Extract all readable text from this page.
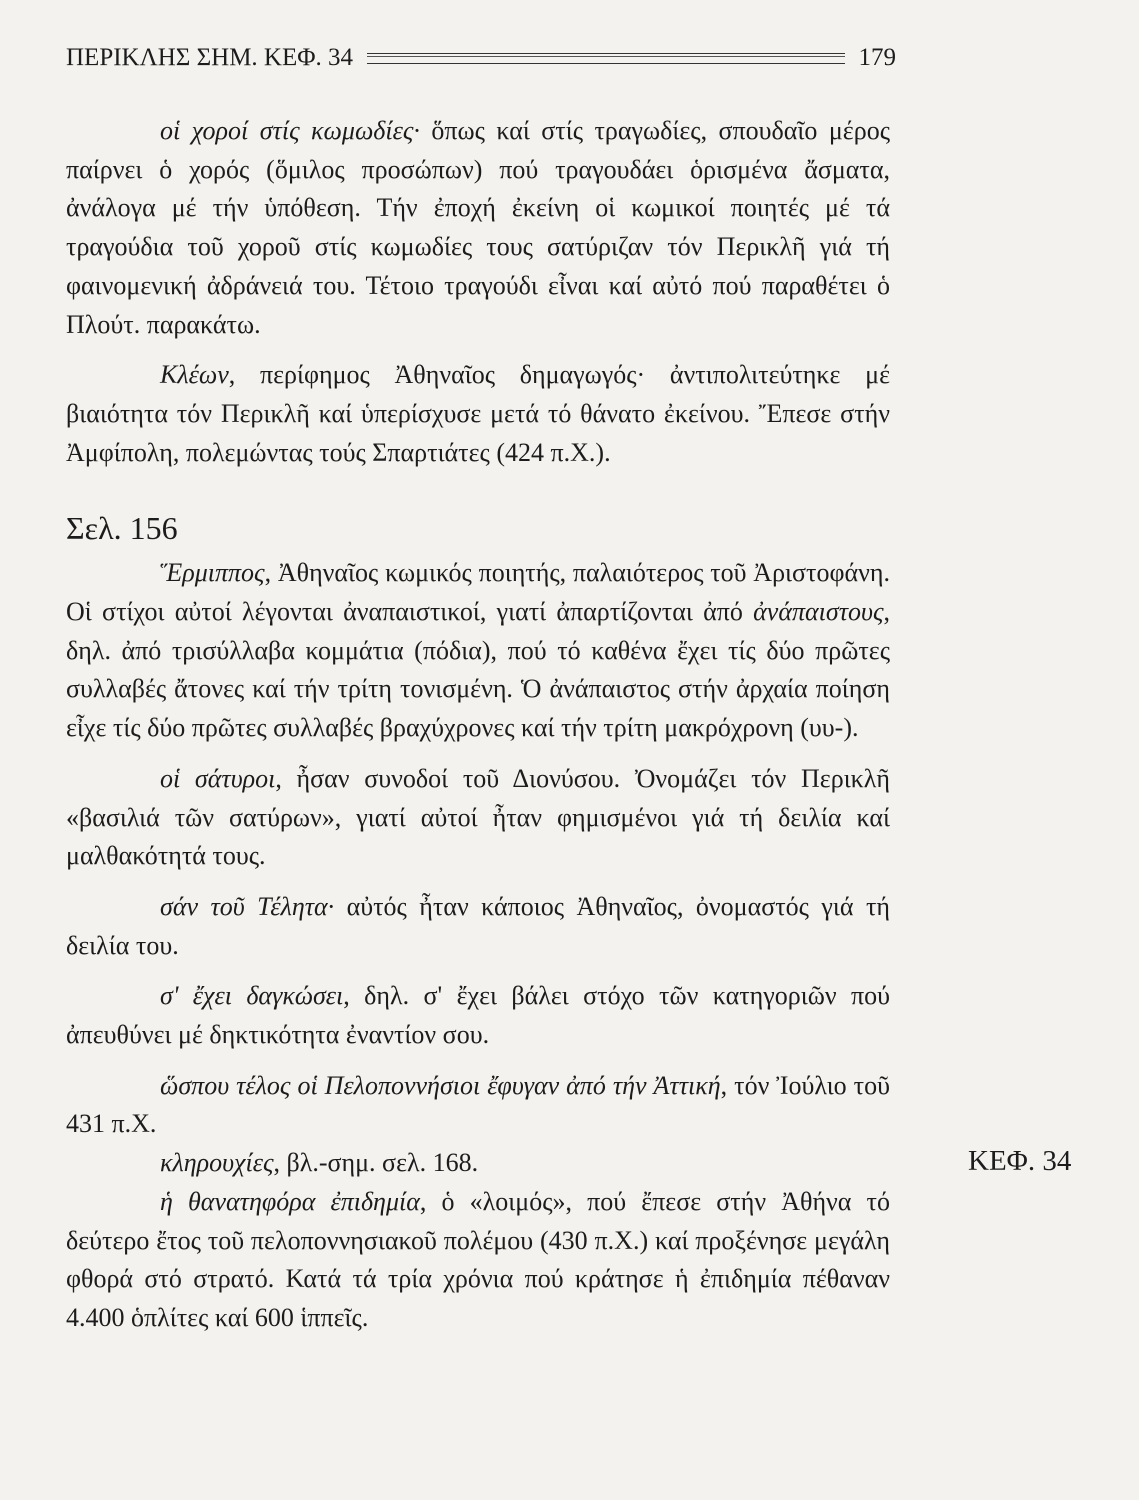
ΠΕΡΙΚΛΗΣ ΣΗΜ. ΚΕΦ. 34	179

οἱ χοροί στίς κωμωδίες· ὅπως καί στίς τραγωδίες, σπουδαῖο μέρος παίρνει ὁ χορός (ὅμιλος προσώπων) πού τραγουδάει ὁρισμένα ἄσματα, ἀνάλογα μέ τήν ὑπόθεση. Τήν ἐποχή ἐκείνη οἱ κωμικοί ποιητές μέ τά τραγούδια τοῦ χοροῦ στίς κωμωδίες τους σατύριζαν τόν Περικλῆ γιά τή φαινομενική ἀδράνειά του. Τέτοιο τραγούδι εἶναι καί αὐτό πού παραθέτει ὁ Πλούτ. παρακάτω.

Κλέων, περίφημος Ἀθηναῖος δημαγωγός· ἀντιπολιτεύτηκε μέ βιαιότητα τόν Περικλῆ καί ὑπερίσχυσε μετά τό θάνατο ἐκείνου. Ἔπεσε στήν Ἀμφίπολη, πολεμώντας τούς Σπαρτιάτες (424 π.Χ.).

Σελ. 156

Ἕρμιππος, Ἀθηναῖος κωμικός ποιητής, παλαιότερος τοῦ Ἀριστοφάνη. Οἱ στίχοι αὐτοί λέγονται ἀναπαιστικοί, γιατί ἀπαρτίζονται ἀπό ἀνάπαιστους, δηλ. ἀπό τρισύλλαβα κομμάτια (πόδια), πού τό καθένα ἔχει τίς δύο πρῶτες συλλαβές ἄτονες καί τήν τρίτη τονισμένη. Ὁ ἀνάπαιστος στήν ἀρχαία ποίηση εἶχε τίς δύο πρῶτες συλλαβές βραχύχρονες καί τήν τρίτη μακρόχρονη (υυ-).

οἱ σάτυροι, ἦσαν συνοδοί τοῦ Διονύσου. Ὀνομάζει τόν Περικλῆ «βασιλιά τῶν σατύρων», γιατί αὐτοί ἦταν φημισμένοι γιά τή δειλία καί μαλθακότητά τους.

σάν τοῦ Τέλητα· αὐτός ἦταν κάποιος Ἀθηναῖος, ὀνομαστός γιά τή δειλία του.

σ' ἔχει δαγκώσει, δηλ. σ' ἔχει βάλει στόχο τῶν κατηγοριῶν πού ἀπευθύνει μέ δηκτικότητα ἐναντίον σου.

ὥσπου τέλος οἱ Πελοποννήσιοι ἔφυγαν ἀπό τήν Ἀττική, τόν Ἰούλιο τοῦ 431 π.Χ.

κληρουχίες, βλ.-σημ. σελ. 168.

ἡ θανατηφόρα ἐπιδημία, ὁ «λοιμός», πού ἔπεσε στήν Ἀθήνα τό δεύτερο ἔτος τοῦ πελοποννησιακοῦ πολέμου (430 π.Χ.) καί προξένησε μεγάλη φθορά στό στρατό. Κατά τά τρία χρόνια πού κράτησε ἡ ἐπιδημία πέθαναν 4.400 ὁπλίτες καί 600 ἱππεῖς.

ΚΕΦ. 34
